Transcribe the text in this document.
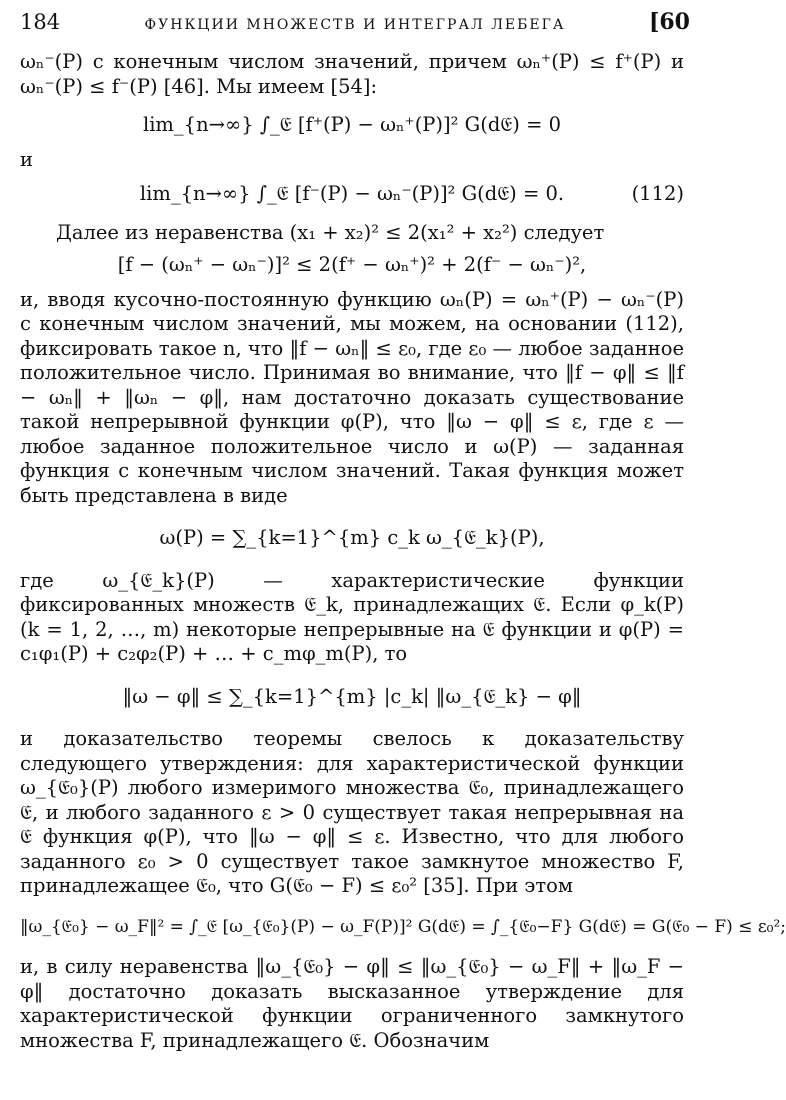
184	ФУНКЦИИ МНОЖЕСТВ И ИНТЕГРАЛ ЛЕБЕГА	[60

ωₙ⁻(P) с конечным числом значений, причем ωₙ⁺(P) ≤ f⁺(P) и ωₙ⁻(P) ≤ f⁻(P) [46]. Мы имеем [54]:

lim_{n→∞} ∫_𝔈 [f⁺(P) − ωₙ⁺(P)]² G(d𝔈) = 0

и

lim_{n→∞} ∫_𝔈 [f⁻(P) − ωₙ⁻(P)]² G(d𝔈) = 0.	(112)

Далее из неравенства (x₁ + x₂)² ≤ 2(x₁² + x₂²) следует

[f − (ωₙ⁺ − ωₙ⁻)]² ≤ 2(f⁺ − ωₙ⁺)² + 2(f⁻ − ωₙ⁻)²,

и, вводя кусочно-постоянную функцию ωₙ(P) = ωₙ⁺(P) − ωₙ⁻(P) с конечным числом значений, мы можем, на основании (112), фиксировать такое n, что ‖f − ωₙ‖ ≤ ε₀, где ε₀ — любое заданное положительное число. Принимая во внимание, что ‖f − φ‖ ≤ ‖f − ωₙ‖ + ‖ωₙ − φ‖, нам достаточно доказать существование такой непрерывной функции φ(P), что ‖ω − φ‖ ≤ ε, где ε — любое заданное положительное число и ω(P) — заданная функция с конечным числом значений. Такая функция может быть представлена в виде

ω(P) = ∑_{k=1}^{m} c_k ω_{𝔈_k}(P),

где ω_{𝔈_k}(P) — характеристические функции фиксированных множеств 𝔈_k, принадлежащих 𝔈. Если φ_k(P) (k = 1, 2, …, m) некоторые непрерывные на 𝔈 функции и φ(P) = c₁φ₁(P) + c₂φ₂(P) + … + c_mφ_m(P), то

‖ω − φ‖ ≤ ∑_{k=1}^{m} |c_k| ‖ω_{𝔈_k} − φ‖

и доказательство теоремы свелось к доказательству следующего утверждения: для характеристической функции ω_{𝔈₀}(P) любого измеримого множества 𝔈₀, принадлежащего 𝔈, и любого заданного ε > 0 существует такая непрерывная на 𝔈 функция φ(P), что ‖ω − φ‖ ≤ ε. Известно, что для любого заданного ε₀ > 0 существует такое замкнутое множество F, принадлежащее 𝔈₀, что G(𝔈₀ − F) ≤ ε₀² [35]. При этом

‖ω_{𝔈₀} − ω_F‖² = ∫_𝔈 [ω_{𝔈₀}(P) − ω_F(P)]² G(d𝔈) = ∫_{𝔈₀−F} G(d𝔈) = G(𝔈₀ − F) ≤ ε₀²;

и, в силу неравенства ‖ω_{𝔈₀} − φ‖ ≤ ‖ω_{𝔈₀} − ω_F‖ + ‖ω_F − φ‖ достаточно доказать высказанное утверждение для характеристической функции ограниченного замкнутого множества F, принадлежащего 𝔈. Обозначим
